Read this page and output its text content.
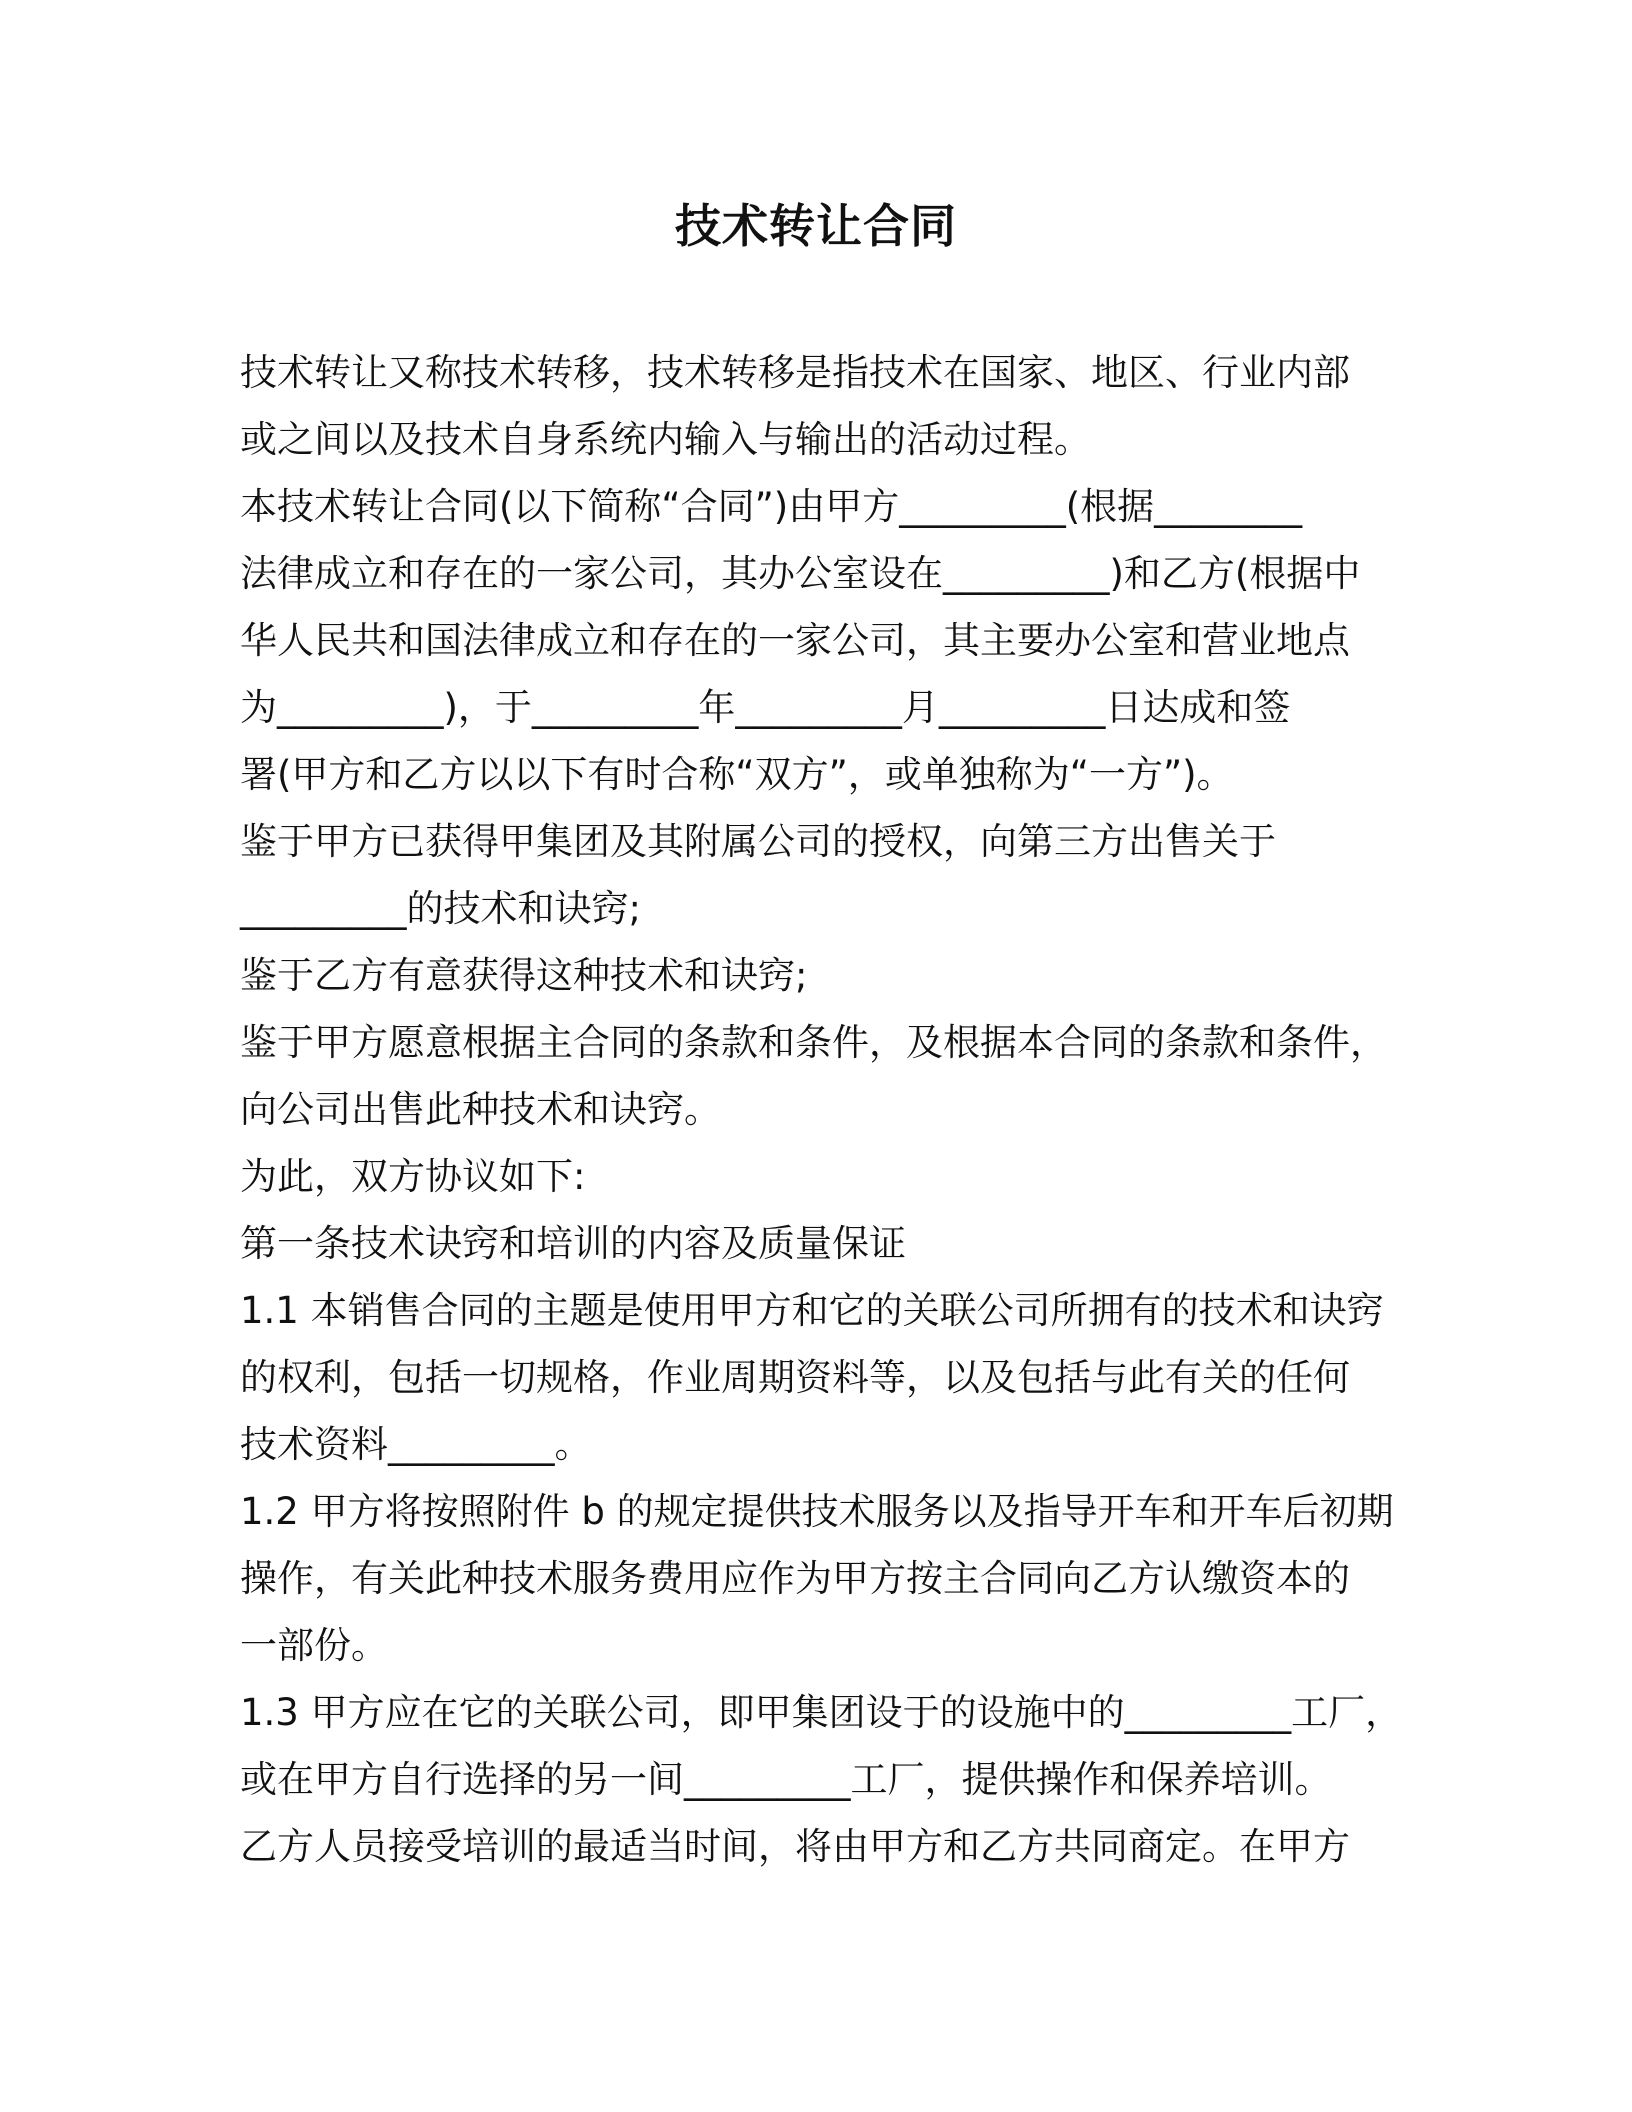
技术转让合同
技术转让又称技术转移，技术转移是指技术在国家、地区、行业内部
或之间以及技术自身系统内输入与输出的活动过程。
本技术转让合同(以下简称“合同”)由甲方_________(根据________
法律成立和存在的一家公司，其办公室设在_________)和乙方(根据中
华人民共和国法律成立和存在的一家公司，其主要办公室和营业地点
为_________)，于_________年_________月_________日达成和签
署(甲方和乙方以以下有时合称“双方”，或单独称为“一方”)。
鉴于甲方已获得甲集团及其附属公司的授权，向第三方出售关于
_________的技术和诀窍;
鉴于乙方有意获得这种技术和诀窍;
鉴于甲方愿意根据主合同的条款和条件，及根据本合同的条款和条件，
向公司出售此种技术和诀窍。
为此，双方协议如下:
第一条技术诀窍和培训的内容及质量保证
1.1 本销售合同的主题是使用甲方和它的关联公司所拥有的技术和诀窍
的权利，包括一切规格，作业周期资料等，以及包括与此有关的任何
技术资料_________。
1.2 甲方将按照附件 b 的规定提供技术服务以及指导开车和开车后初期
操作，有关此种技术服务费用应作为甲方按主合同向乙方认缴资本的
一部份。
1.3 甲方应在它的关联公司，即甲集团设于的设施中的_________工厂，
或在甲方自行选择的另一间_________工厂，提供操作和保养培训。
乙方人员接受培训的最适当时间，将由甲方和乙方共同商定。在甲方
